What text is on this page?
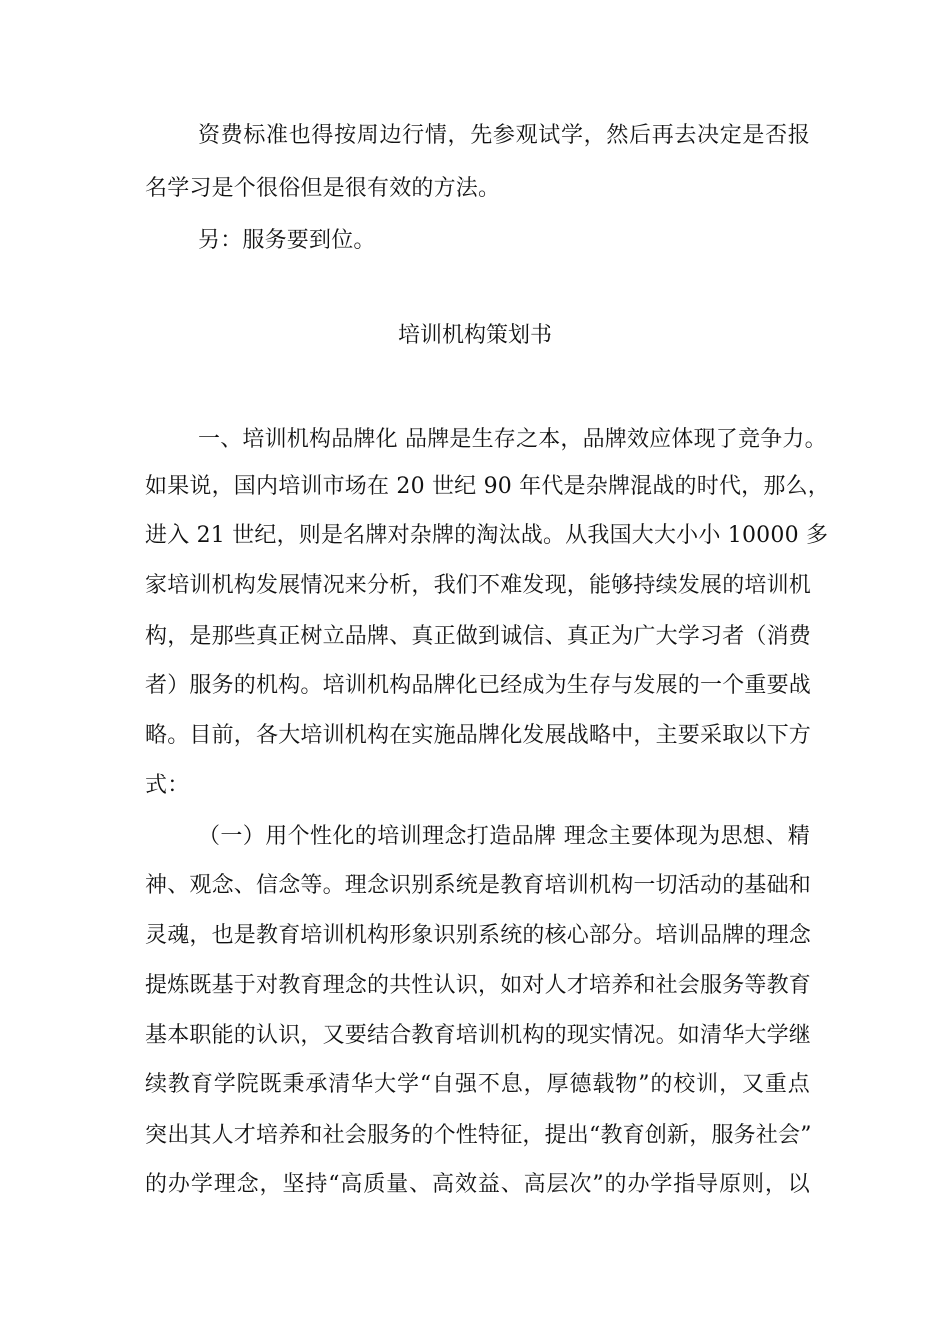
资费标准也得按周边行情，先参观试学，然后再去决定是否报
名学习是个很俗但是很有效的方法。
另：服务要到位。
培训机构策划书
一、培训机构品牌化 品牌是生存之本，品牌效应体现了竞争力。
如果说，国内培训市场在 20 世纪 90 年代是杂牌混战的时代，那么，
进入 21 世纪，则是名牌对杂牌的淘汰战。从我国大大小小 10000 多
家培训机构发展情况来分析，我们不难发现，能够持续发展的培训机
构，是那些真正树立品牌、真正做到诚信、真正为广大学习者（消费
者）服务的机构。培训机构品牌化已经成为生存与发展的一个重要战
略。目前，各大培训机构在实施品牌化发展战略中，主要采取以下方
式：
（一）用个性化的培训理念打造品牌 理念主要体现为思想、精
神、观念、信念等。理念识别系统是教育培训机构一切活动的基础和
灵魂，也是教育培训机构形象识别系统的核心部分。培训品牌的理念
提炼既基于对教育理念的共性认识，如对人才培养和社会服务等教育
基本职能的认识，又要结合教育培训机构的现实情况。如清华大学继
续教育学院既秉承清华大学“自强不息，厚德载物”的校训，又重点
突出其人才培养和社会服务的个性特征，提出“教育创新，服务社会”
的办学理念，坚持“高质量、高效益、高层次”的办学指导原则，以
